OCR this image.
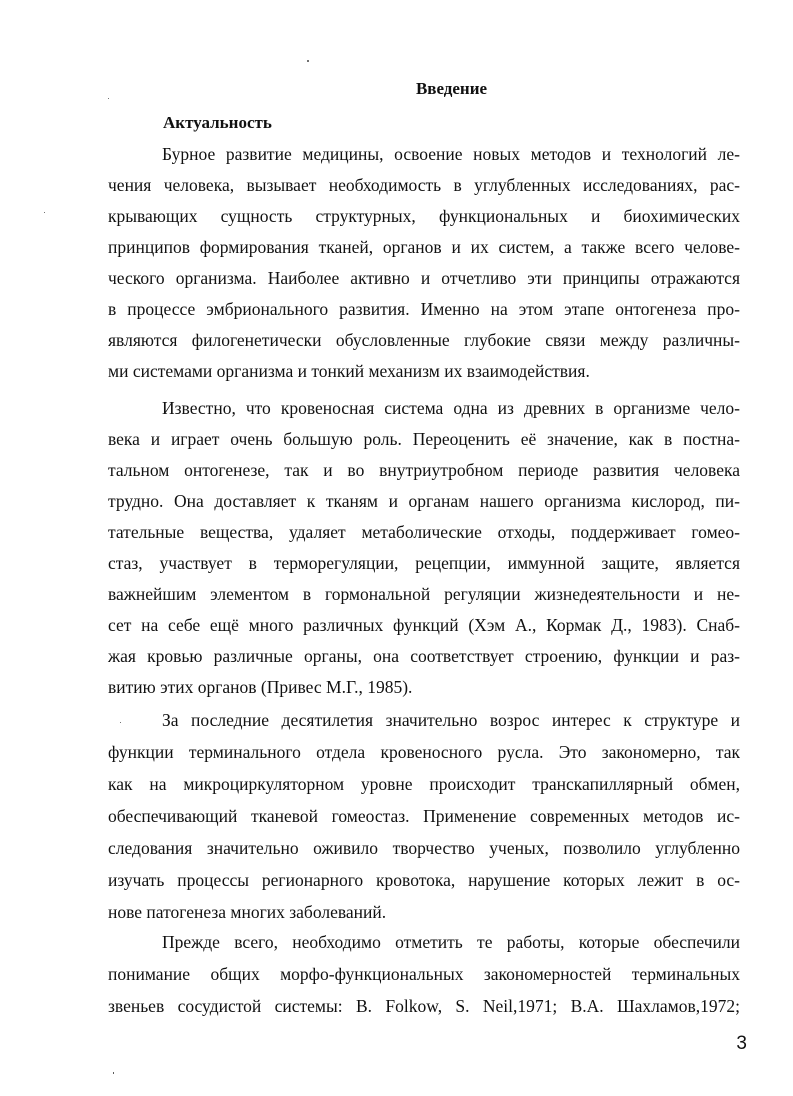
Введение
Актуальность
Бурное развитие медицины, освоение новых методов и технологий ле-
чения человека, вызывает необходимость в углубленных исследованиях, рас-
крывающих сущность структурных, функциональных и биохимических
принципов формирования тканей, органов и их систем, а также всего челове-
ческого организма. Наиболее активно и отчетливо эти принципы отражаются
в процессе эмбрионального развития. Именно на этом этапе онтогенеза про-
являются филогенетически обусловленные глубокие связи между различны-
ми системами организма и тонкий механизм их взаимодействия.
Известно, что кровеносная система одна из древних в организме чело-
века и играет очень большую роль. Переоценить её значение, как в постна-
тальном онтогенезе, так и во внутриутробном периоде развития человека
трудно. Она доставляет к тканям и органам нашего организма кислород, пи-
тательные вещества, удаляет метаболические отходы, поддерживает гомео-
стаз, участвует в терморегуляции, рецепции, иммунной защите, является
важнейшим элементом в гормональной регуляции жизнедеятельности и не-
сет на себе ещё много различных функций (Хэм А., Кормак Д., 1983). Снаб-
жая кровью различные органы, она соответствует строению, функции и раз-
витию этих органов (Привес М.Г., 1985).
За последние десятилетия значительно возрос интерес к структуре и
функции терминального отдела кровеносного русла. Это закономерно, так
как на микроциркуляторном уровне происходит транскапиллярный обмен,
обеспечивающий тканевой гомеостаз. Применение современных методов ис-
следования значительно оживило творчество ученых, позволило углубленно
изучать процессы регионарного кровотока, нарушение которых лежит в ос-
нове патогенеза многих заболеваний.
Прежде всего, необходимо отметить те работы, которые обеспечили
понимание общих морфо-функциональных закономерностей терминальных
звеньев сосудистой системы: B. Folkow, S. Neil,1971; В.А. Шахламов,1972;
3
